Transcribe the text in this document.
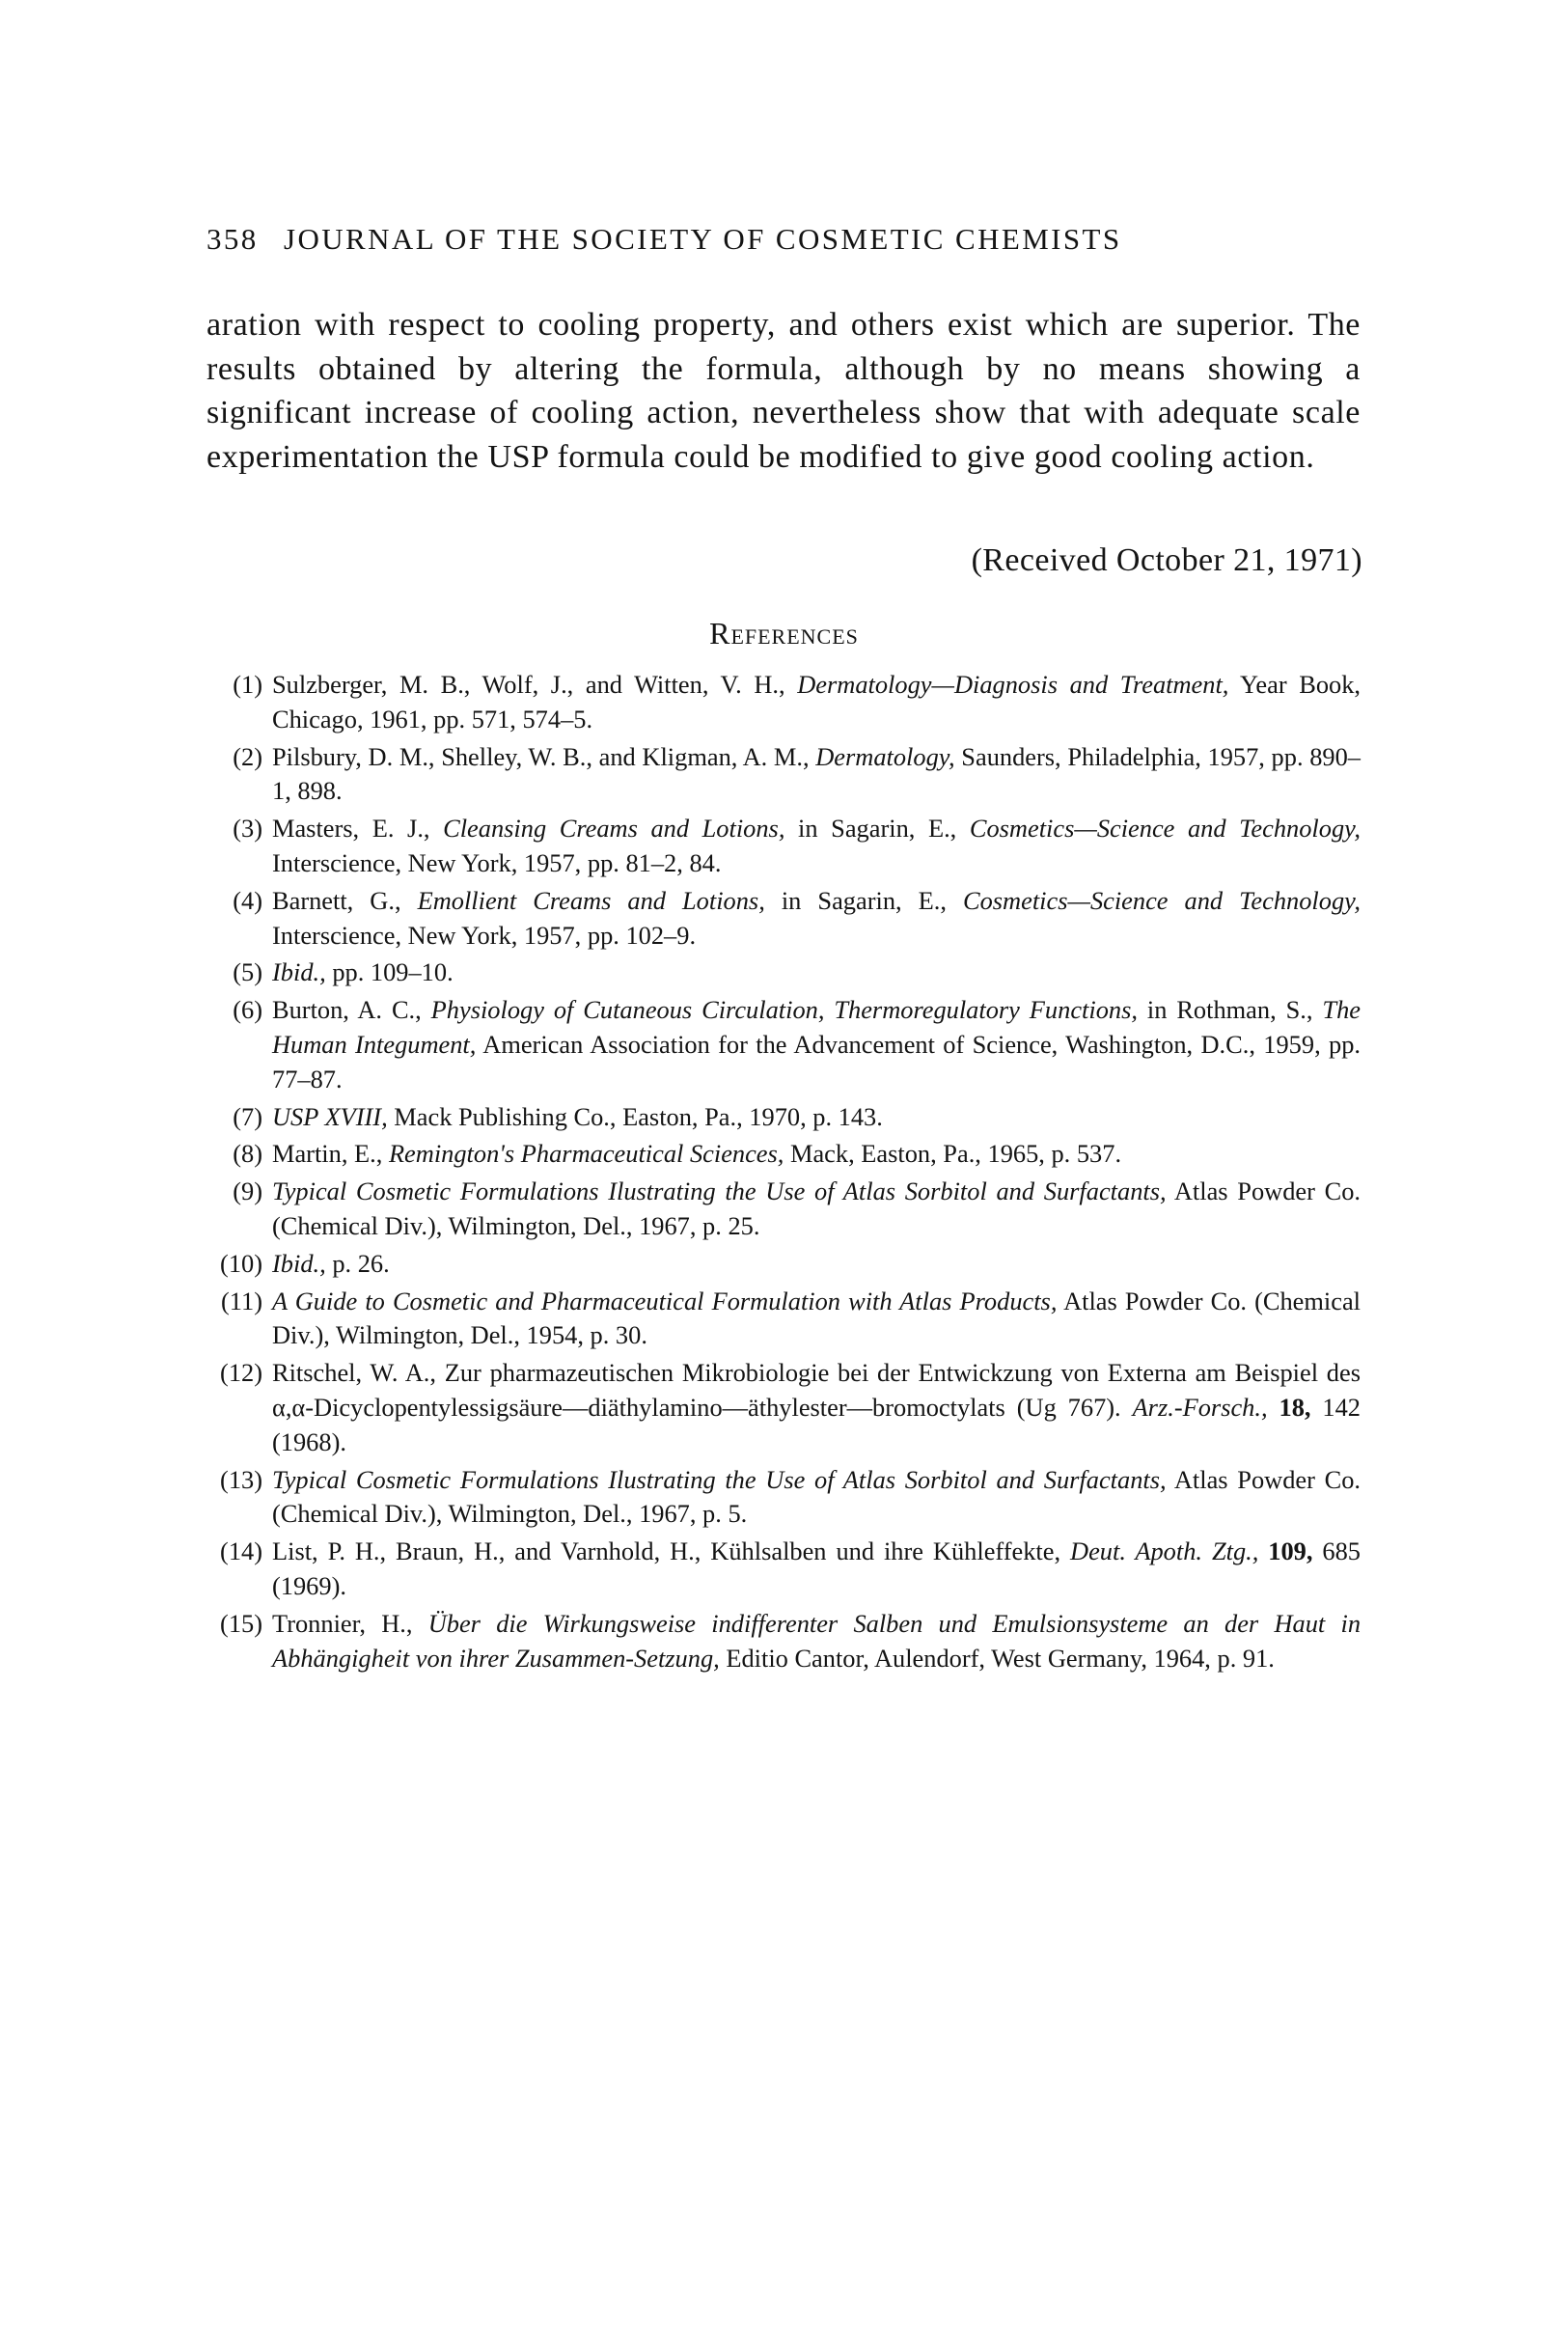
358 JOURNAL OF THE SOCIETY OF COSMETIC CHEMISTS

aration with respect to cooling property, and others exist which are superior. The results obtained by altering the formula, although by no means showing a significant increase of cooling action, nevertheless show that with adequate scale experimentation the USP formula could be modified to give good cooling action.

(Received October 21, 1971)
References
(1) Sulzberger, M. B., Wolf, J., and Witten, V. H., Dermatology—Diagnosis and Treatment, Year Book, Chicago, 1961, pp. 571, 574–5.
(2) Pilsbury, D. M., Shelley, W. B., and Kligman, A. M., Dermatology, Saunders, Philadelphia, 1957, pp. 890–1, 898.
(3) Masters, E. J., Cleansing Creams and Lotions, in Sagarin, E., Cosmetics—Science and Technology, Interscience, New York, 1957, pp. 81–2, 84.
(4) Barnett, G., Emollient Creams and Lotions, in Sagarin, E., Cosmetics—Science and Technology, Interscience, New York, 1957, pp. 102–9.
(5) Ibid., pp. 109–10.
(6) Burton, A. C., Physiology of Cutaneous Circulation, Thermoregulatory Functions, in Rothman, S., The Human Integument, American Association for the Advancement of Science, Washington, D.C., 1959, pp. 77–87.
(7) USP XVIII, Mack Publishing Co., Easton, Pa., 1970, p. 143.
(8) Martin, E., Remington's Pharmaceutical Sciences, Mack, Easton, Pa., 1965, p. 537.
(9) Typical Cosmetic Formulations Ilustrating the Use of Atlas Sorbitol and Surfactants, Atlas Powder Co. (Chemical Div.), Wilmington, Del., 1967, p. 25.
(10) Ibid., p. 26.
(11) A Guide to Cosmetic and Pharmaceutical Formulation with Atlas Products, Atlas Powder Co. (Chemical Div.), Wilmington, Del., 1954, p. 30.
(12) Ritschel, W. A., Zur pharmazeutischen Mikrobiologie bei der Entwickzung von Externa am Beispiel des α,α-Dicyclopentylessigsäure—diäthylamino—äthylester—bromoctylats (Ug 767). Arz.-Forsch., 18, 142 (1968).
(13) Typical Cosmetic Formulations Ilustrating the Use of Atlas Sorbitol and Surfactants, Atlas Powder Co. (Chemical Div.), Wilmington, Del., 1967, p. 5.
(14) List, P. H., Braun, H., and Varnhold, H., Kühlsalben und ihre Kühleffekte, Deut. Apoth. Ztg., 109, 685 (1969).
(15) Tronnier, H., Über die Wirkungsweise indifferenter Salben und Emulsionsysteme an der Haut in Abhängigheit von ihrer Zusammen-Setzung, Editio Cantor, Aulendorf, West Germany, 1964, p. 91.
